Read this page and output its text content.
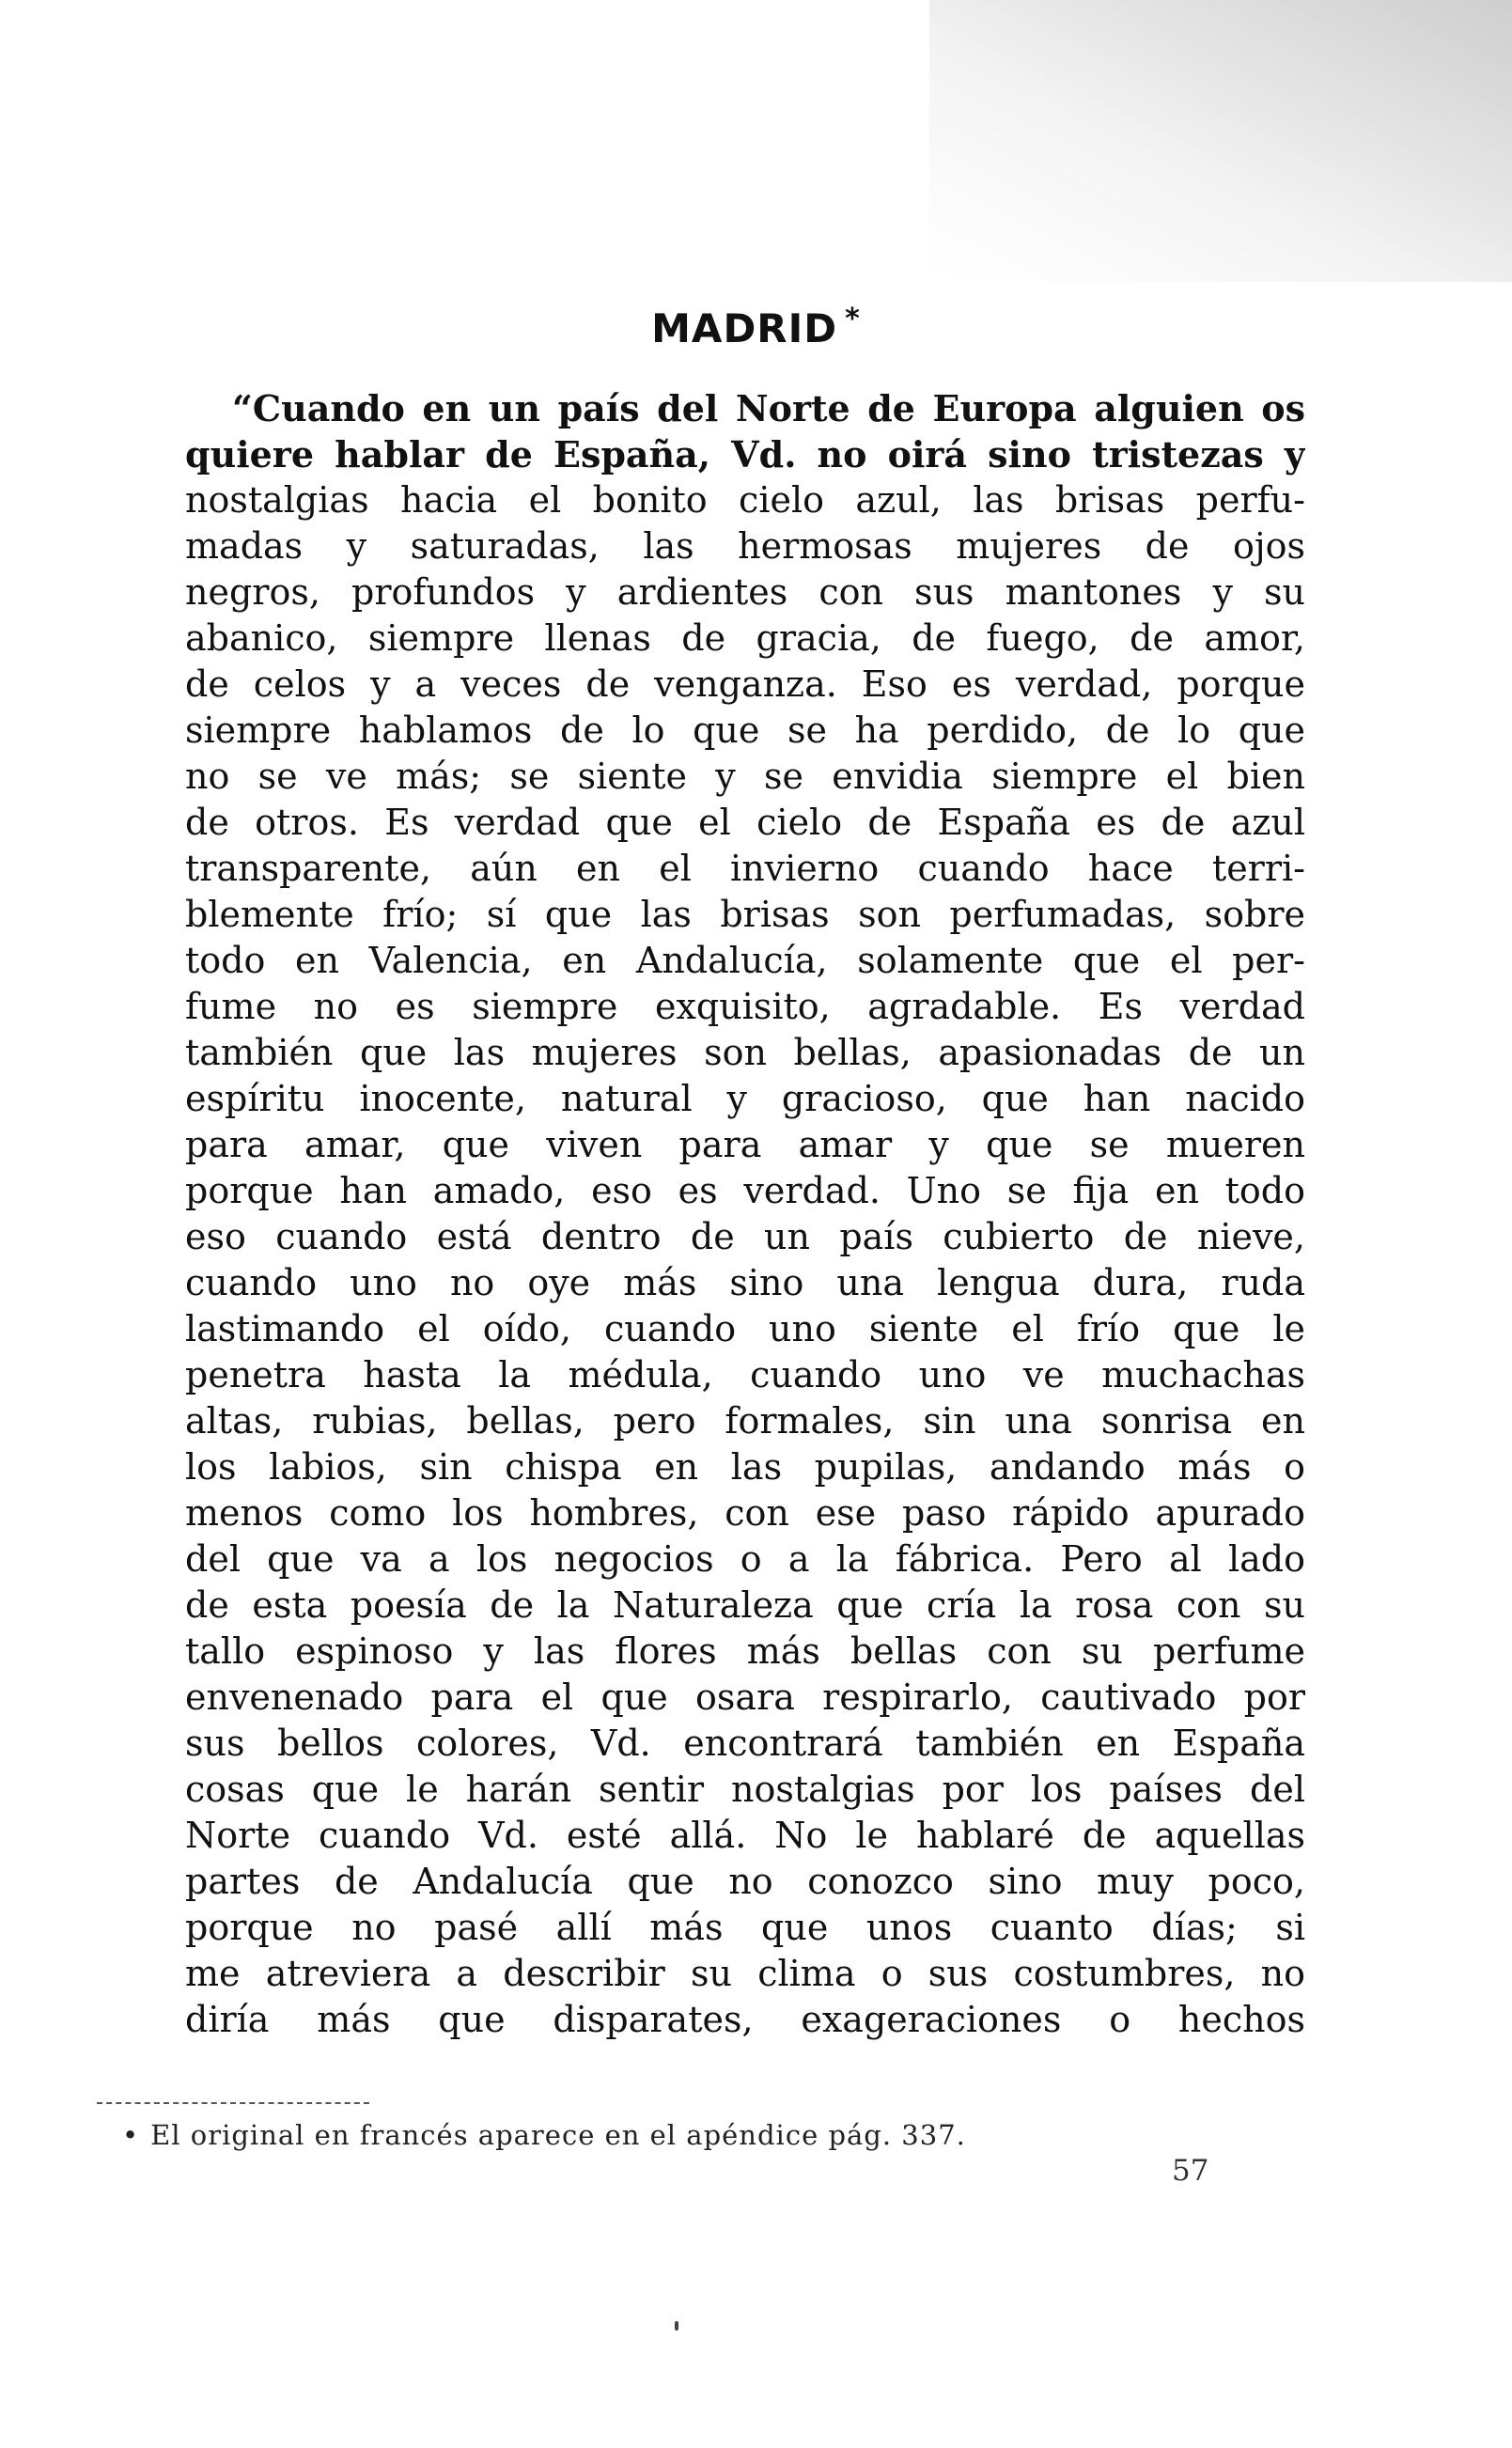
MADRID *
“Cuando en un país del Norte de Europa alguien os
quiere hablar de España, Vd. no oirá sino tristezas y
nostalgias hacia el bonito cielo azul, las brisas perfu-
madas y saturadas, las hermosas mujeres de ojos
negros, profundos y ardientes con sus mantones y su
abanico, siempre llenas de gracia, de fuego, de amor,
de celos y a veces de venganza. Eso es verdad, porque
siempre hablamos de lo que se ha perdido, de lo que
no se ve más; se siente y se envidia siempre el bien
de otros. Es verdad que el cielo de España es de azul
transparente, aún en el invierno cuando hace terri-
blemente frío; sí que las brisas son perfumadas, sobre
todo en Valencia, en Andalucía, solamente que el per-
fume no es siempre exquisito, agradable. Es verdad
también que las mujeres son bellas, apasionadas de un
espíritu inocente, natural y gracioso, que han nacido
para amar, que viven para amar y que se mueren
porque han amado, eso es verdad. Uno se fija en todo
eso cuando está dentro de un país cubierto de nieve,
cuando uno no oye más sino una lengua dura, ruda
lastimando el oído, cuando uno siente el frío que le
penetra hasta la médula, cuando uno ve muchachas
altas, rubias, bellas, pero formales, sin una sonrisa en
los labios, sin chispa en las pupilas, andando más o
menos como los hombres, con ese paso rápido apurado
del que va a los negocios o a la fábrica. Pero al lado
de esta poesía de la Naturaleza que cría la rosa con su
tallo espinoso y las flores más bellas con su perfume
envenenado para el que osara respirarlo, cautivado por
sus bellos colores, Vd. encontrará también en España
cosas que le harán sentir nostalgias por los países del
Norte cuando Vd. esté allá. No le hablaré de aquellas
partes de Andalucía que no conozco sino muy poco,
porque no pasé allí más que unos cuanto días; si
me atreviera a describir su clima o sus costumbres, no
diría más que disparates, exageraciones o hechos
• El original en francés aparece en el apéndice pág. 337.
57
